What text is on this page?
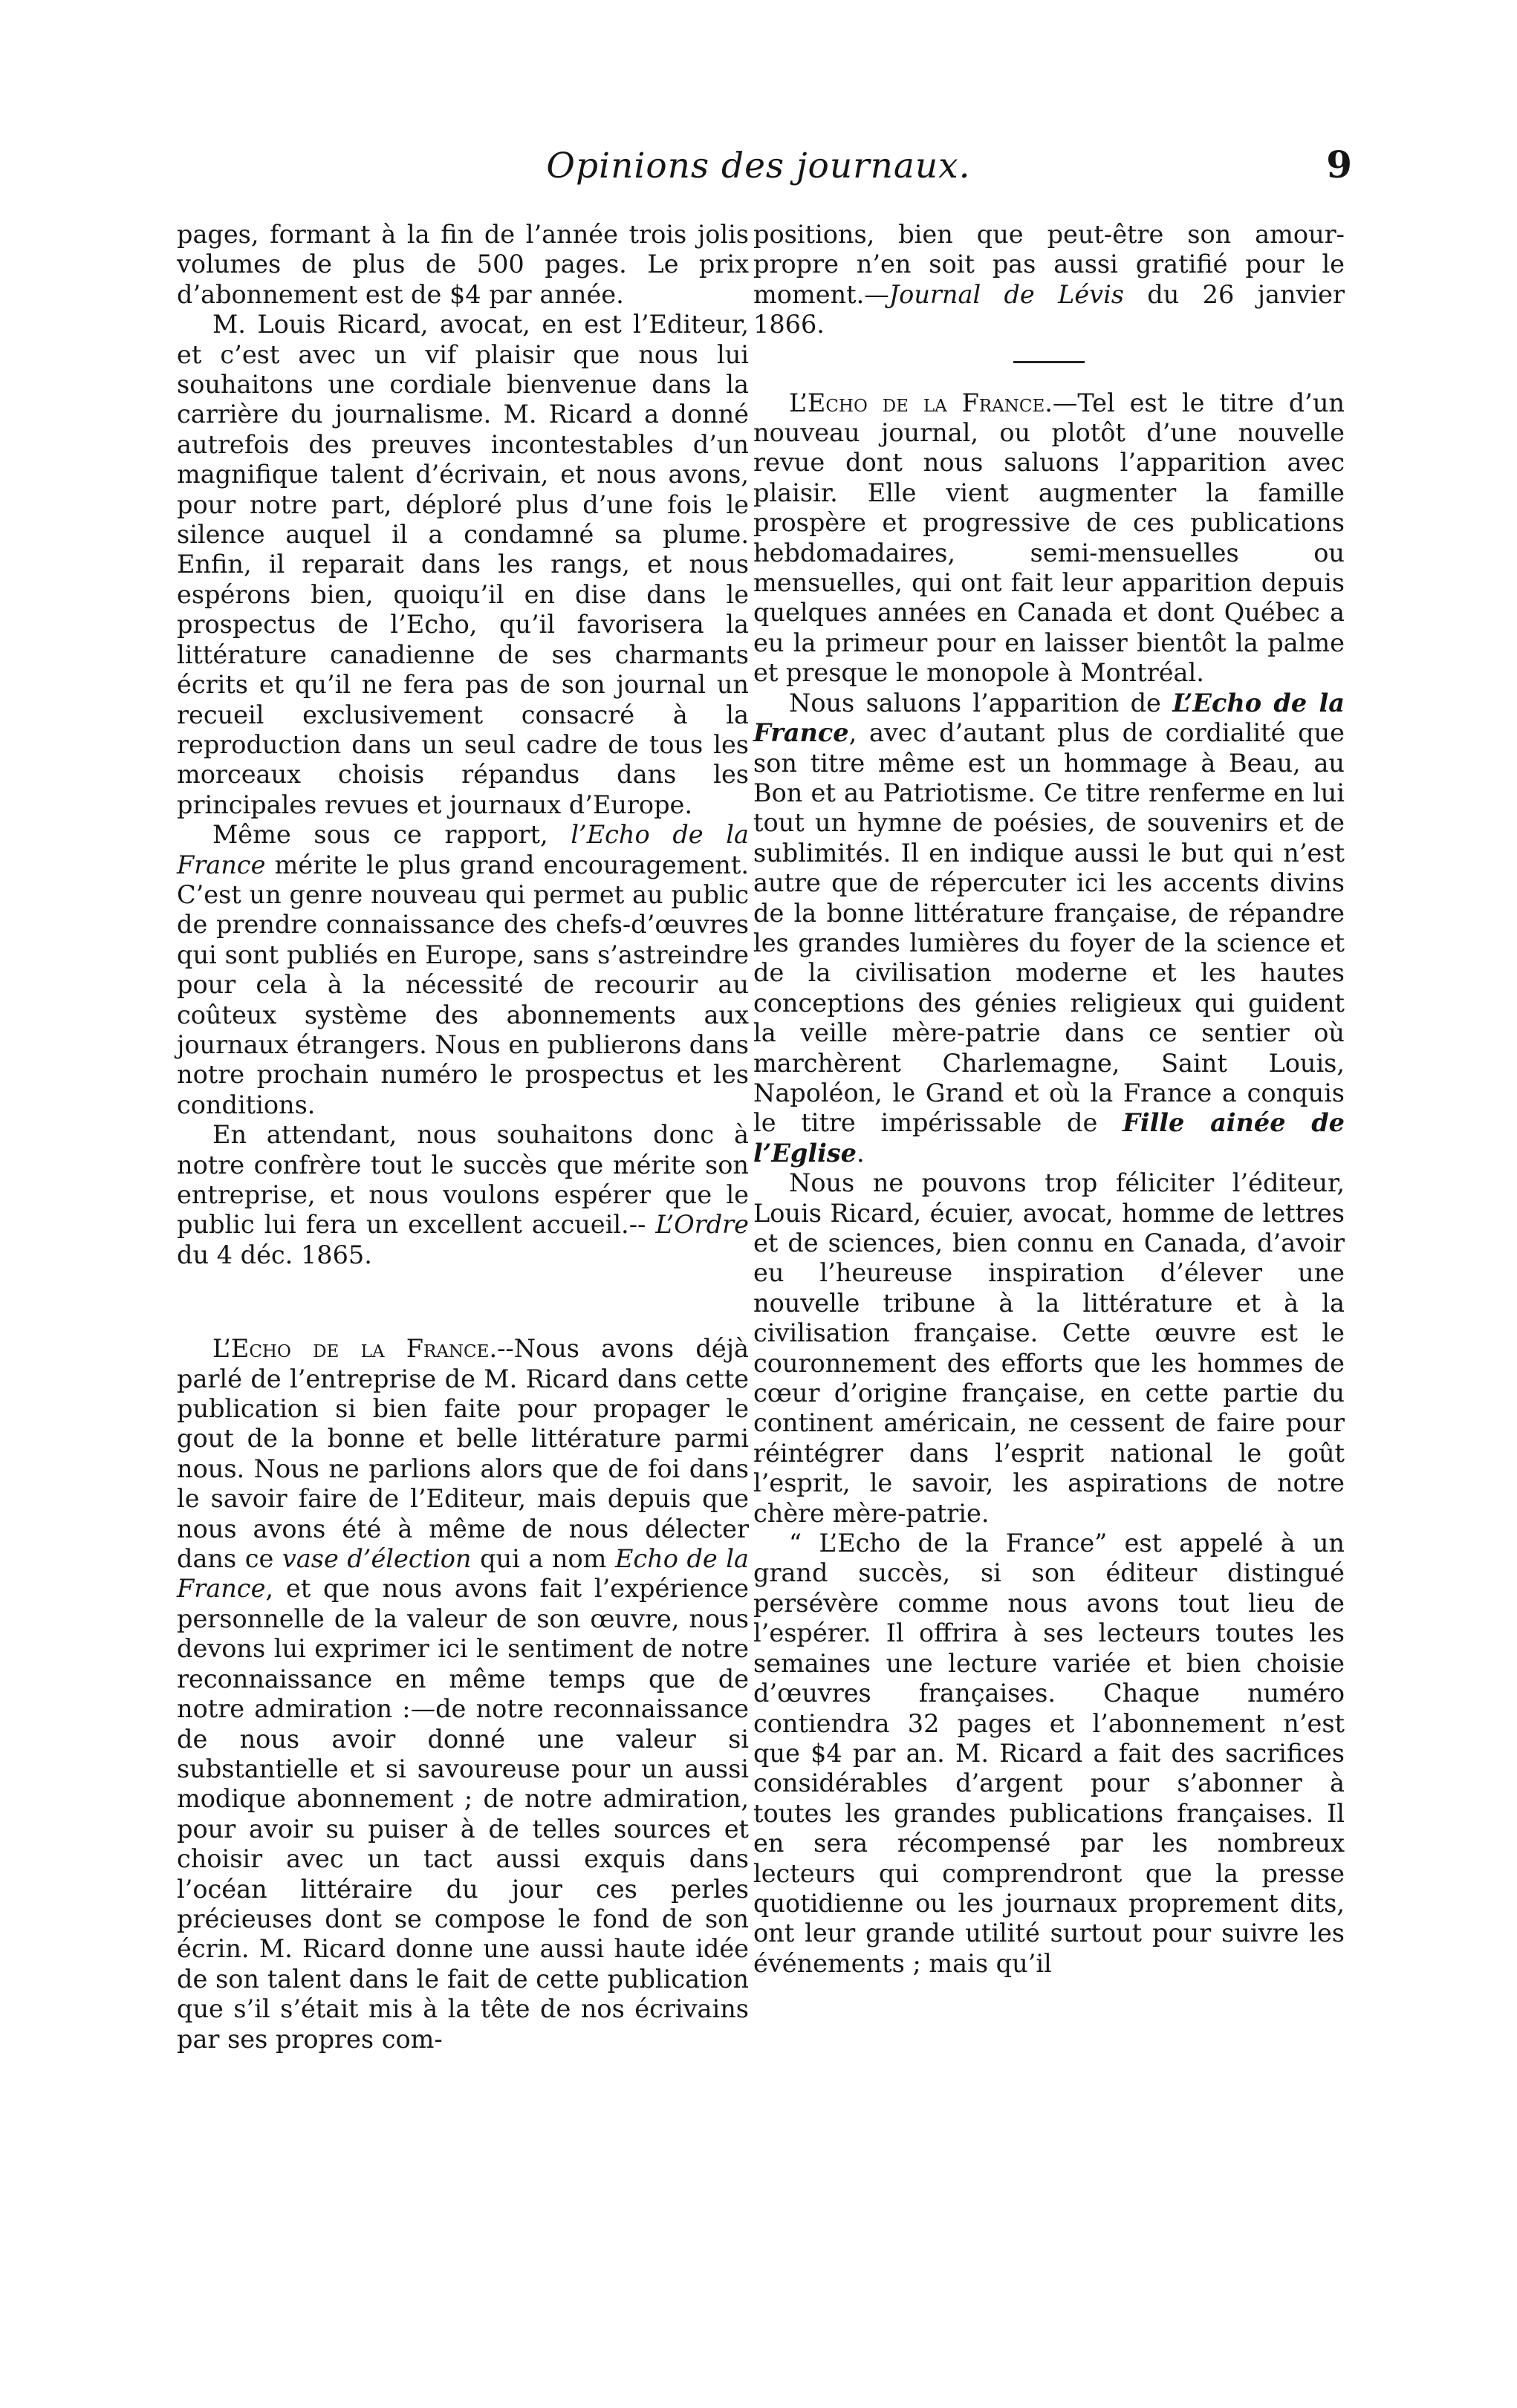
Opinions des journaux.	9

pages, formant à la fin de l’année trois jolis volumes de plus de 500 pages. Le prix d’abonnement est de $4 par année.

M. Louis Ricard, avocat, en est l’Editeur, et c’est avec un vif plaisir que nous lui souhaitons une cordiale bienvenue dans la carrière du journalisme. M. Ricard a donné autrefois des preuves incontestables d’un magnifique talent d’écrivain, et nous avons, pour notre part, déploré plus d’une fois le silence auquel il a condamné sa plume. Enfin, il reparait dans les rangs, et nous espérons bien, quoiqu’il en dise dans le prospectus de l’Echo, qu’il favorisera la littérature canadienne de ses charmants écrits et qu’il ne fera pas de son journal un recueil exclusivement consacré à la reproduction dans un seul cadre de tous les morceaux choisis répandus dans les principales revues et journaux d’Europe.

Même sous ce rapport, l’Echo de la France mérite le plus grand encouragement. C’est un genre nouveau qui permet au public de prendre connaissance des chefs-d’œuvres qui sont publiés en Europe, sans s’astreindre pour cela à la nécessité de recourir au coûteux système des abonnements aux journaux étrangers. Nous en publierons dans notre prochain numéro le prospectus et les conditions.

En attendant, nous souhaitons donc à notre confrère tout le succès que mérite son entreprise, et nous voulons espérer que le public lui fera un excellent accueil.-- L’Ordre du 4 déc. 1865.

L’Echo de la France.--Nous avons déjà parlé de l’entreprise de M. Ricard dans cette publication si bien faite pour propager le gout de la bonne et belle littérature parmi nous. Nous ne parlions alors que de foi dans le savoir faire de l’Editeur, mais depuis que nous avons été à même de nous délecter dans ce vase d’élection qui a nom Echo de la France, et que nous avons fait l’expérience personnelle de la valeur de son œuvre, nous devons lui exprimer ici le sentiment de notre reconnaissance en même temps que de notre admiration :—de notre reconnaissance de nous avoir donné une valeur si substantielle et si savoureuse pour un aussi modique abonnement ; de notre admiration, pour avoir su puiser à de telles sources et choisir avec un tact aussi exquis dans l’océan littéraire du jour ces perles précieuses dont se compose le fond de son écrin. M. Ricard donne une aussi haute idée de son talent dans le fait de cette publication que s’il s’était mis à la tête de nos écrivains par ses propres com-

positions, bien que peut-être son amour-propre n’en soit pas aussi gratifié pour le moment.—Journal de Lévis du 26 janvier 1866.

L’Echo de la France.—Tel est le titre d’un nouveau journal, ou plotôt d’une nouvelle revue dont nous saluons l’apparition avec plaisir. Elle vient augmenter la famille prospère et progressive de ces publications hebdomadaires, semi-mensuelles ou mensuelles, qui ont fait leur apparition depuis quelques années en Canada et dont Québec a eu la primeur pour en laisser bientôt la palme et presque le monopole à Montréal.

Nous saluons l’apparition de L’Echo de la France, avec d’autant plus de cordialité que son titre même est un hommage à Beau, au Bon et au Patriotisme. Ce titre renferme en lui tout un hymne de poésies, de souvenirs et de sublimités. Il en indique aussi le but qui n’est autre que de répercuter ici les accents divins de la bonne littérature française, de répandre les grandes lumières du foyer de la science et de la civilisation moderne et les hautes conceptions des génies religieux qui guident la veille mère-patrie dans ce sentier où marchèrent Charlemagne, Saint Louis, Napoléon, le Grand et où la France a conquis le titre impérissable de Fille ainée de l’Eglise.

Nous ne pouvons trop féliciter l’éditeur, Louis Ricard, écuier, avocat, homme de lettres et de sciences, bien connu en Canada, d’avoir eu l’heureuse inspiration d’élever une nouvelle tribune à la littérature et à la civilisation française. Cette œuvre est le couronnement des efforts que les hommes de cœur d’origine française, en cette partie du continent américain, ne cessent de faire pour réintégrer dans l’esprit national le goût l’esprit, le savoir, les aspirations de notre chère mère-patrie.

“ L’Echo de la France” est appelé à un grand succès, si son éditeur distingué persévère comme nous avons tout lieu de l’espérer. Il offrira à ses lecteurs toutes les semaines une lecture variée et bien choisie d’œuvres françaises. Chaque numéro contiendra 32 pages et l’abonnement n’est que $4 par an. M. Ricard a fait des sacrifices considérables d’argent pour s’abonner à toutes les grandes publications françaises. Il en sera récompensé par les nombreux lecteurs qui comprendront que la presse quotidienne ou les journaux proprement dits, ont leur grande utilité surtout pour suivre les événements ; mais qu’il
